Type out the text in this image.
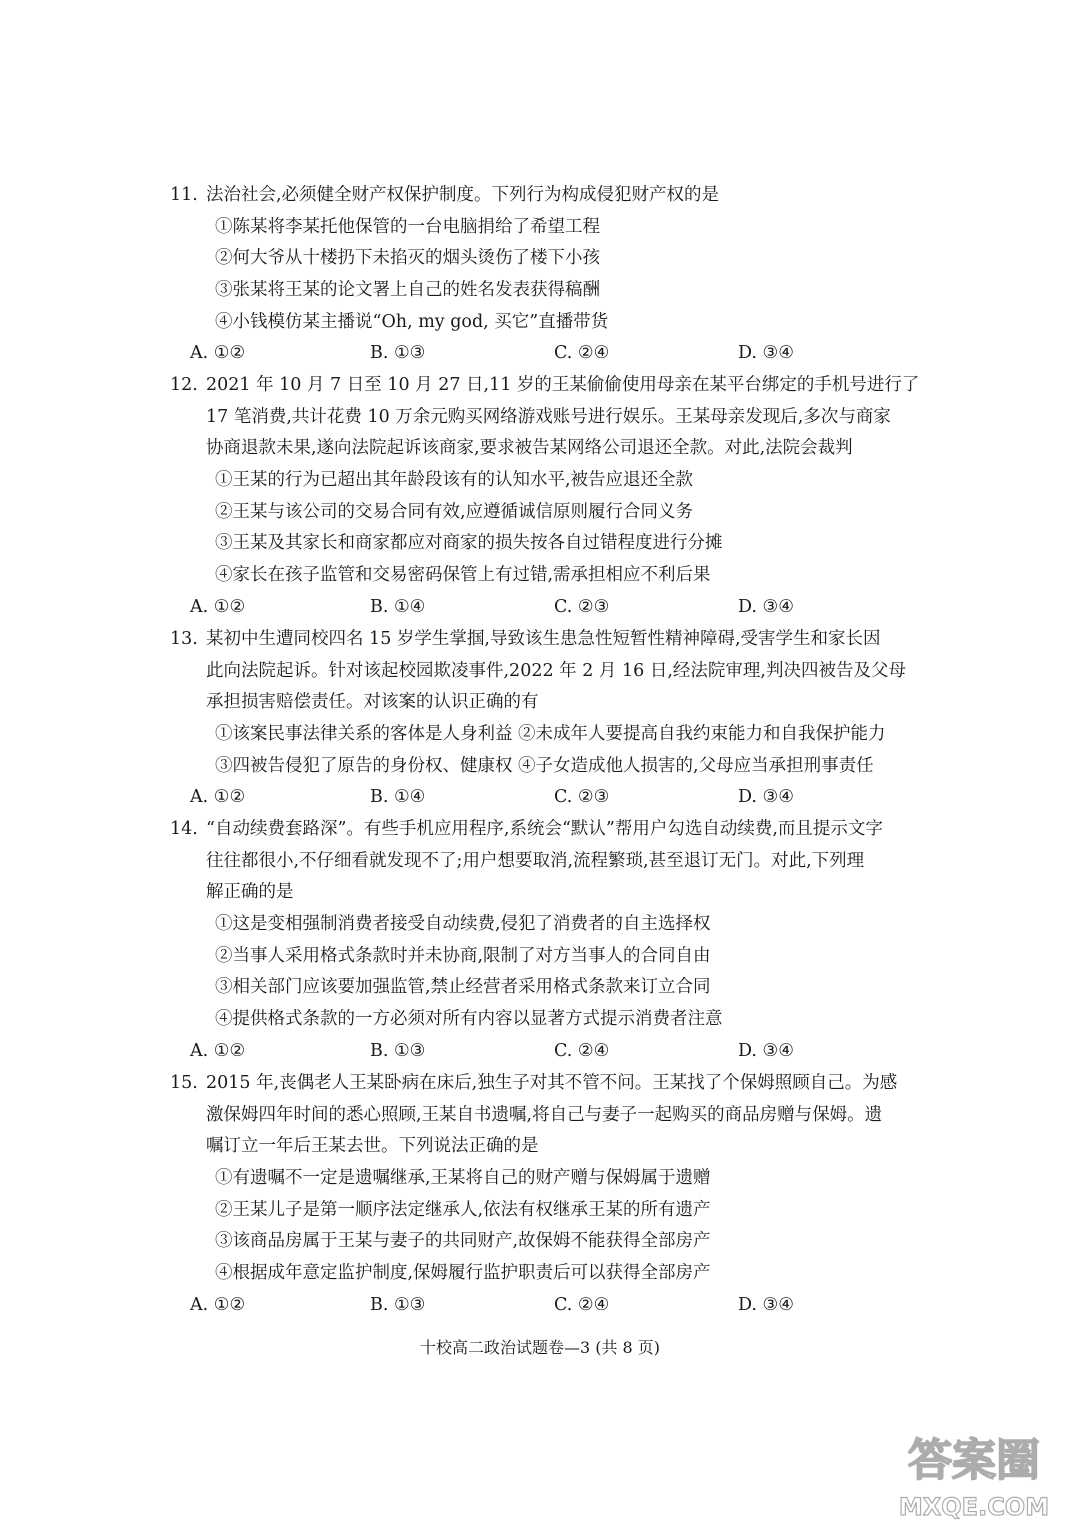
11. 法治社会,必须健全财产权保护制度。下列行为构成侵犯财产权的是
①陈某将李某托他保管的一台电脑捐给了希望工程
②何大爷从十楼扔下未掐灭的烟头烫伤了楼下小孩
③张某将王某的论文署上自己的姓名发表获得稿酬
④小钱模仿某主播说“Oh, my god, 买它”直播带货
A. ①②	B. ①③	C. ②④	D. ③④
12. 2021 年 10 月 7 日至 10 月 27 日,11 岁的王某偷偷使用母亲在某平台绑定的手机号进行了
17 笔消费,共计花费 10 万余元购买网络游戏账号进行娱乐。王某母亲发现后,多次与商家
协商退款未果,遂向法院起诉该商家,要求被告某网络公司退还全款。对此,法院会裁判
①王某的行为已超出其年龄段该有的认知水平,被告应退还全款
②王某与该公司的交易合同有效,应遵循诚信原则履行合同义务
③王某及其家长和商家都应对商家的损失按各自过错程度进行分摊
④家长在孩子监管和交易密码保管上有过错,需承担相应不利后果
A. ①②	B. ①④	C. ②③	D. ③④
13. 某初中生遭同校四名 15 岁学生掌掴,导致该生患急性短暂性精神障碍,受害学生和家长因
此向法院起诉。针对该起校园欺凌事件,2022 年 2 月 16 日,经法院审理,判决四被告及父母
承担损害赔偿责任。对该案的认识正确的有
①该案民事法律关系的客体是人身利益 ②未成年人要提高自我约束能力和自我保护能力
③四被告侵犯了原告的身份权、健康权 ④子女造成他人损害的,父母应当承担刑事责任
A. ①②	B. ①④	C. ②③	D. ③④
14. “自动续费套路深”。有些手机应用程序,系统会“默认”帮用户勾选自动续费,而且提示文字
往往都很小,不仔细看就发现不了;用户想要取消,流程繁琐,甚至退订无门。对此,下列理
解正确的是
①这是变相强制消费者接受自动续费,侵犯了消费者的自主选择权
②当事人采用格式条款时并未协商,限制了对方当事人的合同自由
③相关部门应该要加强监管,禁止经营者采用格式条款来订立合同
④提供格式条款的一方必须对所有内容以显著方式提示消费者注意
A. ①②	B. ①③	C. ②④	D. ③④
15. 2015 年,丧偶老人王某卧病在床后,独生子对其不管不问。王某找了个保姆照顾自己。为感
激保姆四年时间的悉心照顾,王某自书遗嘱,将自己与妻子一起购买的商品房赠与保姆。遗
嘱订立一年后王某去世。下列说法正确的是
①有遗嘱不一定是遗嘱继承,王某将自己的财产赠与保姆属于遗赠
②王某儿子是第一顺序法定继承人,依法有权继承王某的所有遗产
③该商品房属于王某与妻子的共同财产,故保姆不能获得全部房产
④根据成年意定监护制度,保姆履行监护职责后可以获得全部房产
A. ①②	B. ①③	C. ②④	D. ③④
十校高二政治试题卷—3 (共 8 页)
答案圈
MXQE.COM
